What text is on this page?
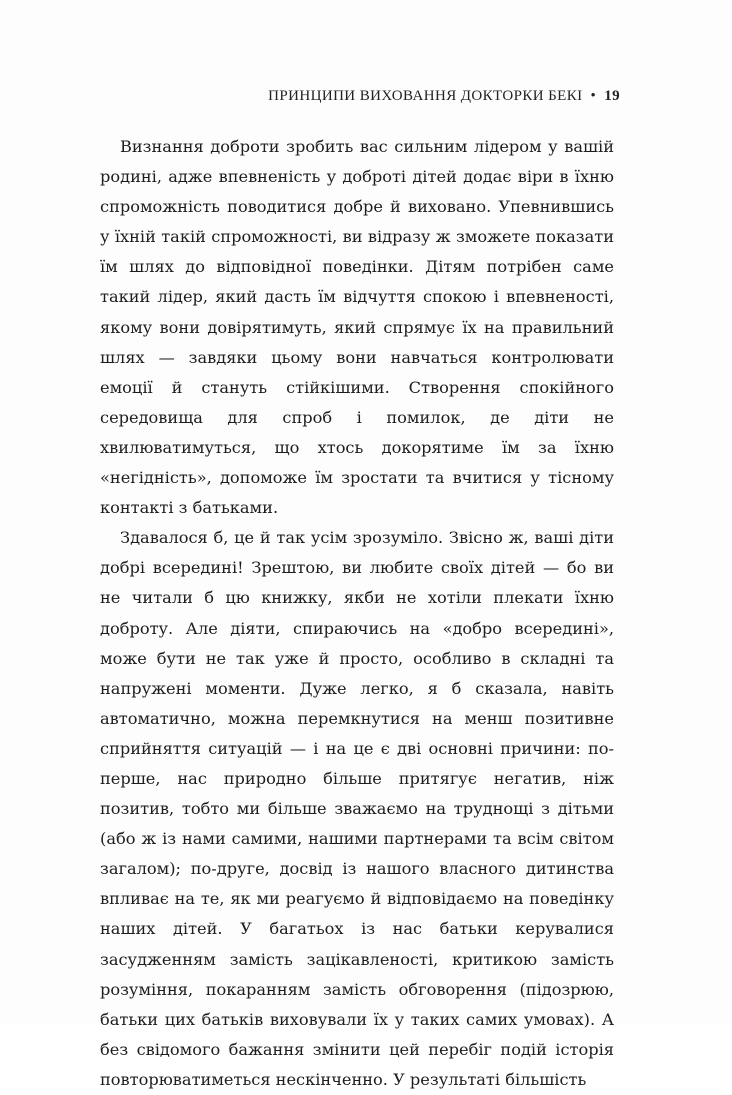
ПРИНЦИПИ ВИХОВАННЯ ДОКТОРКИ БЕКІ • 19

Визнання доброти зробить вас сильним лідером у вашій родині, адже впевненість у доброті дітей додає віри в їхню спроможність поводитися добре й виховано. Упевнившись у їхній такій спроможності, ви відразу ж зможете показати їм шлях до відповідної поведінки. Дітям потрібен саме такий лідер, який дасть їм відчуття спокою і впевненості, якому вони довірятимуть, який спрямує їх на правильний шлях — завдяки цьому вони навчаться контролювати емоції й стануть стійкішими. Створення спокійного середовища для спроб і помилок, де діти не хвилюватимуться, що хтось докорятиме їм за їхню «негідність», допоможе їм зростати та вчитися у тісному контакті з батьками.

Здавалося б, це й так усім зрозуміло. Звісно ж, ваші діти добрі всередині! Зрештою, ви любите своїх дітей — бо ви не читали б цю книжку, якби не хотіли плекати їхню доброту. Але діяти, спираючись на «добро всередині», може бути не так уже й просто, особливо в складні та напружені моменти. Дуже легко, я б сказала, навіть автоматично, можна перемкнутися на менш позитивне сприйняття ситуацій — і на це є дві основні причини: по-перше, нас природно більше притягує негатив, ніж позитив, тобто ми більше зважаємо на труднощі з дітьми (або ж із нами самими, нашими партнерами та всім світом загалом); по-друге, досвід із нашого власного дитинства впливає на те, як ми реагуємо й відповідаємо на поведінку наших дітей. У багатьох із нас батьки керувалися засудженням замість зацікавленості, критикою замість розуміння, покаранням замість обговорення (підозрюю, батьки цих батьків виховували їх у таких самих умовах). А без свідомого бажання змінити цей перебіг подій історія повторюватиметься нескінченно. У результаті більшість
